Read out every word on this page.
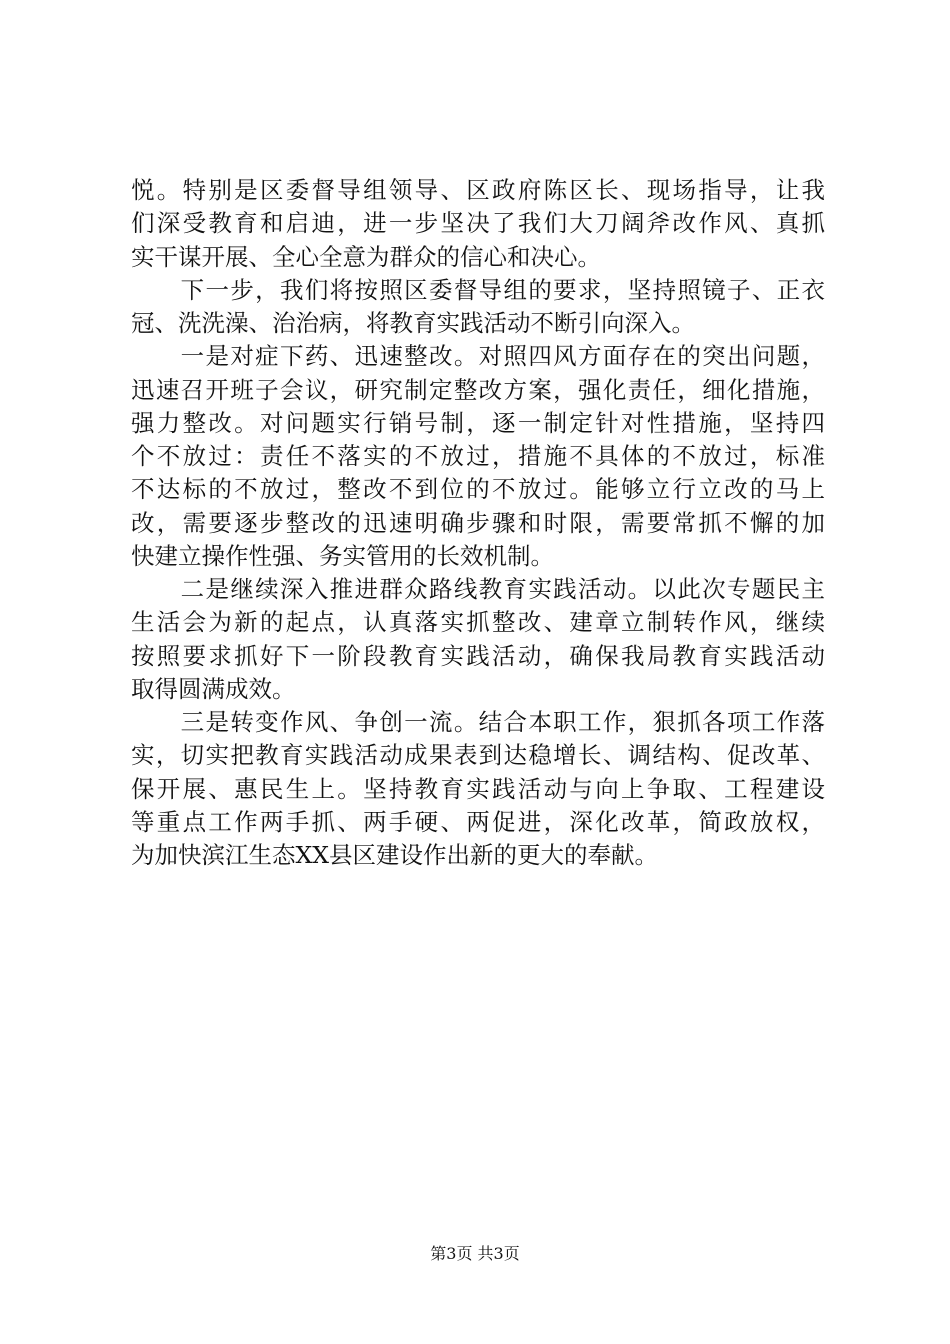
悦。特别是区委督导组领导、区政府陈区长、现场指导，让我
们深受教育和启迪，进一步坚决了我们大刀阔斧改作风、真抓
实干谋开展、全心全意为群众的信心和决心。
　　下一步，我们将按照区委督导组的要求，坚持照镜子、正衣
冠、洗洗澡、治治病，将教育实践活动不断引向深入。
　　一是对症下药、迅速整改。对照四风方面存在的突出问题，
迅速召开班子会议，研究制定整改方案，强化责任，细化措施，
强力整改。对问题实行销号制，逐一制定针对性措施，坚持四
个不放过：责任不落实的不放过，措施不具体的不放过，标准
不达标的不放过，整改不到位的不放过。能够立行立改的马上
改，需要逐步整改的迅速明确步骤和时限，需要常抓不懈的加
快建立操作性强、务实管用的长效机制。
　　二是继续深入推进群众路线教育实践活动。以此次专题民主
生活会为新的起点，认真落实抓整改、建章立制转作风，继续
按照要求抓好下一阶段教育实践活动，确保我局教育实践活动
取得圆满成效。
　　三是转变作风、争创一流。结合本职工作，狠抓各项工作落
实，切实把教育实践活动成果表到达稳增长、调结构、促改革、
保开展、惠民生上。坚持教育实践活动与向上争取、工程建设
等重点工作两手抓、两手硬、两促进，深化改革，简政放权，
为加快滨江生态XX县区建设作出新的更大的奉献。
第3页 共3页
